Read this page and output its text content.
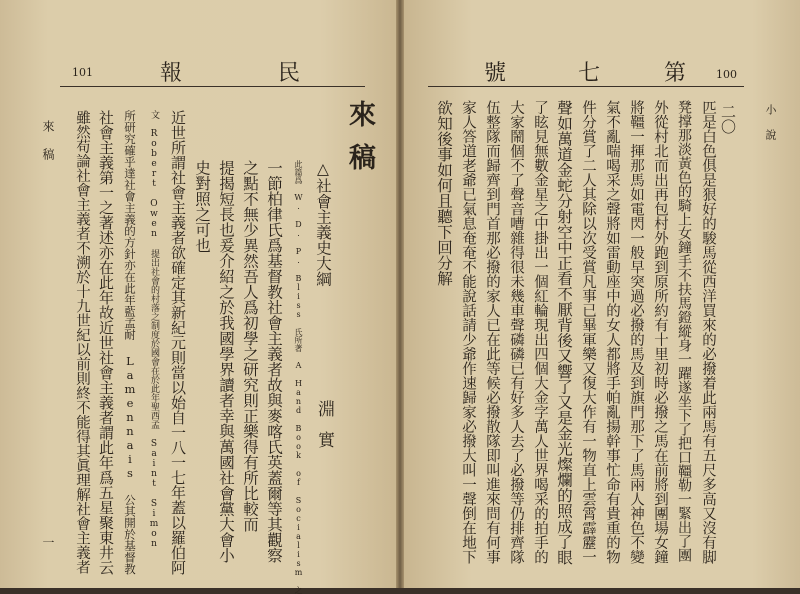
101	報	民
來稿
△社會主義史大綱
淵實
此篇爲 W. D. P. Bliss 氏所著 A Hand Book of Socialism 之
一節柏律氏爲基督教社會主義者故與麥喀氏英蓋爾等其觀察
之點不無少異然吾人爲初學之研究則正樂得有所比較而
提揭短長也爰介紹之於我國學界讀者幸與萬國社會黨大會小
史對照之可也
近世所謂社會主義者欲確定其新紀元則當以始自一八一七年蓋以羅伯阿
文 Robert Owen 提出社會的村落之制度於國會在於此年聖西孟 Saint Simon
所研究確乎達社會主義的方針亦在此年藍孟耐 Lamennais 公其開於基督教
社會主義第一之著述亦在此年故近世社會主義者謂此年爲五星聚東井云
雖然苟論社會主義者不溯於十九世紀以前則終不能得其眞理解社會主義者
來稿
一
號	七	第	100
小說
二〇
匹是白色俱是狠好的駿馬從西洋買來的必撥着此兩馬有五尺多高又沒有脚
凳撑那淡黃色的騎上女鐘手不扶馬鐙縱身一躍遂坐下了把口韁勒一緊出了團
外從村北而出再包村外跑到原所約有十里初時必撥之馬在前將到團場女鐘
將韁一揮那馬如電閃一般早突過必撥的馬及到旗門那下了馬兩人神色不變
氣不亂喘喝采之聲將如雷動座中的女人都將手帕亂揚幹事忙命有貴重的物
件分賞了二人其除以次受賞凡事已畢軍樂又復大作有一物直上雲霄霹靂一
聲如萬道金蛇分射空中正看不厭背後又響了又是金光燦爛的照成了眼
了眩見無數金星之中掛出一個紅輪現出四個大金字萬人世界喝采的拍手的
大家鬧個不了聲音嘈雜得很未幾車聲磷磷已有好多人去了必撥等仍排齊隊
伍整隊而歸齊到門首那必撥的家人已在此等候必撥散隊即叫進來問有何事
家人答道老爺已氣息奄奄不能說話請少爺作速歸家必撥大叫一聲倒在地下
欲知後事如何且聽下回分解
